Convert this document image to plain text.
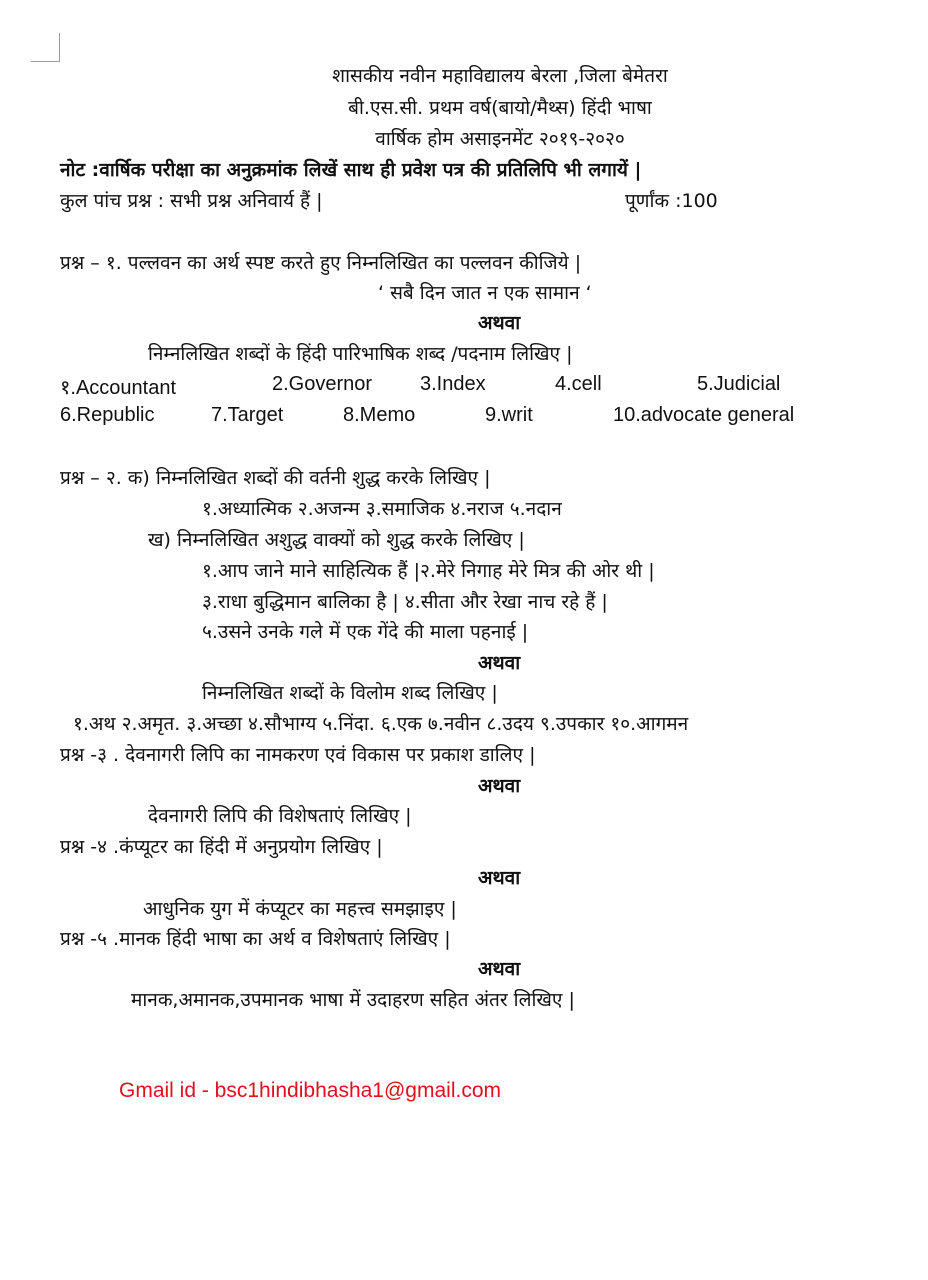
शासकीय नवीन महाविद्यालय बेरला ,जिला बेमेतरा
बी.एस.सी. प्रथम वर्ष(बायो/मैथ्स) हिंदी भाषा
वार्षिक होम असाइनमेंट २०१९-२०२०
नोट :वार्षिक परीक्षा का अनुक्रमांक लिखें साथ ही प्रवेश पत्र की प्रतिलिपि भी लगायें |
कुल पांच प्रश्न : सभी प्रश्न अनिवार्य हैं |	पूर्णांक :100
प्रश्न – १. पल्लवन का अर्थ स्पष्ट करते हुए निम्नलिखित का पल्लवन कीजिये |
‘ सबै दिन जात न एक सामान ‘
अथवा
निम्नलिखित शब्दों के हिंदी पारिभाषिक शब्द /पदनाम लिखिए |
१.Accountant	2.Governor 3.Index	4.cell	5.Judicial
6.Republic	7.Target	8.Memo	9.writ	10.advocate general
प्रश्न – २. क) निम्नलिखित शब्दों की वर्तनी शुद्ध करके लिखिए |
१.अध्यात्मिक २.अजन्म ३.समाजिक ४.नराज ५.नदान
ख) निम्नलिखित अशुद्ध वाक्यों को शुद्ध करके लिखिए |
१.आप जाने माने साहित्यिक हैं |२.मेरे निगाह मेरे मित्र की ओर थी |
३.राधा बुद्धिमान बालिका है | ४.सीता और रेखा नाच रहे हैं |
५.उसने उनके गले में एक गेंदे की माला पहनाई |
अथवा
निम्नलिखित शब्दों के विलोम शब्द लिखिए |
१.अथ २.अमृत. ३.अच्छा ४.सौभाग्य ५.निंदा. ६.एक ७.नवीन ८.उदय ९.उपकार १०.आगमन
प्रश्न -३ . देवनागरी लिपि का नामकरण एवं विकास पर प्रकाश डालिए |
अथवा
देवनागरी लिपि की विशेषताएं लिखिए |
प्रश्न -४ .कंप्यूटर का हिंदी में अनुप्रयोग लिखिए |
अथवा
आधुनिक युग में कंप्यूटर का महत्त्व समझाइए |
प्रश्न -५ .मानक हिंदी भाषा का अर्थ व विशेषताएं लिखिए |
अथवा
मानक,अमानक,उपमानक भाषा में उदाहरण सहित अंतर लिखिए |
Gmail id - bsc1hindibhasha1@gmail.com
